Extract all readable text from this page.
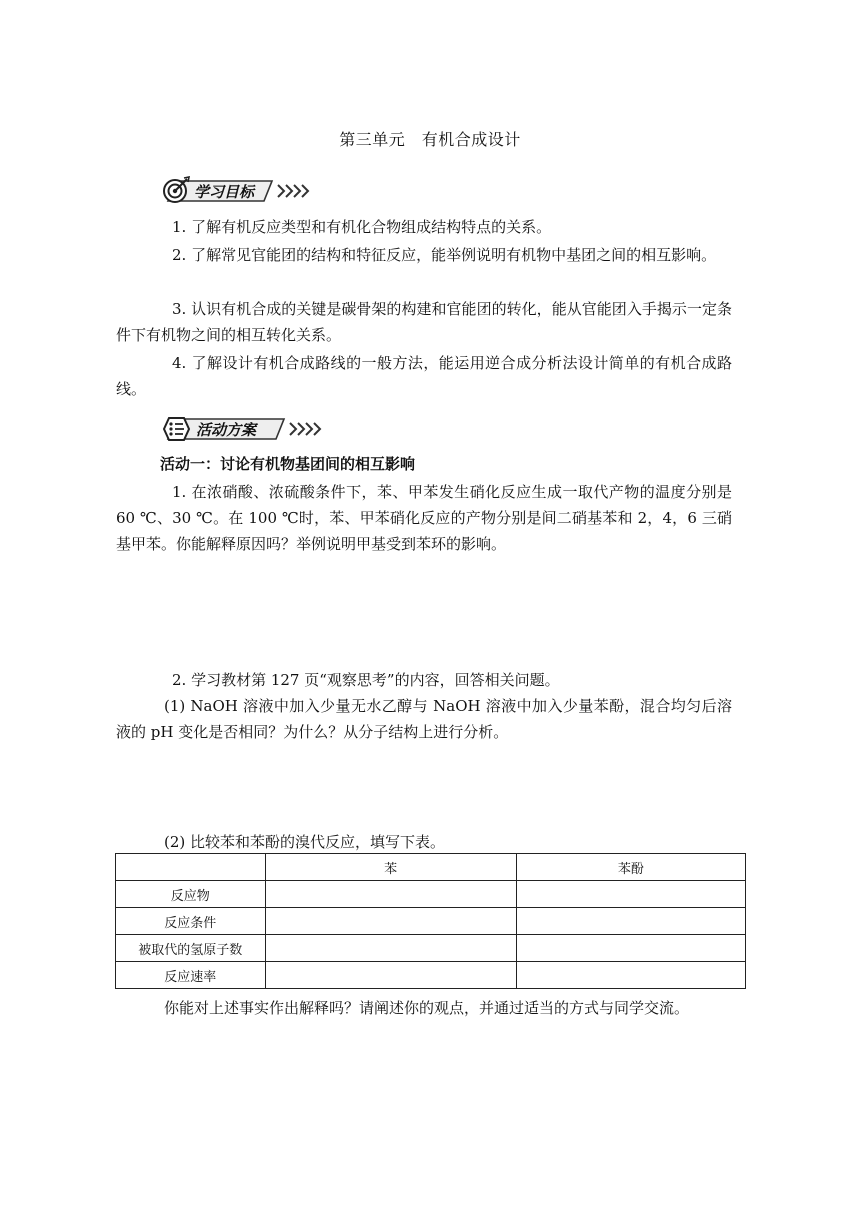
第三单元　有机合成设计
学习目标

1. 了解有机反应类型和有机化合物组成结构特点的关系。

2. 了解常见官能团的结构和特征反应，能举例说明有机物中基团之间的相互影响。

3. 认识有机合成的关键是碳骨架的构建和官能团的转化，能从官能团入手揭示一定条件下有机物之间的相互转化关系。

4. 了解设计有机合成路线的一般方法，能运用逆合成分析法设计简单的有机合成路线。

活动方案

活动一：讨论有机物基团间的相互影响

1. 在浓硝酸、浓硫酸条件下，苯、甲苯发生硝化反应生成一取代产物的温度分别是 60 ℃、30 ℃。在 100 ℃时，苯、甲苯硝化反应的产物分别是间二硝基苯和 2，4，6 三硝基甲苯。你能解释原因吗？举例说明甲基受到苯环的影响。

2. 学习教材第 127 页“观察思考”的内容，回答相关问题。

(1) NaOH 溶液中加入少量无水乙醇与 NaOH 溶液中加入少量苯酚，混合均匀后溶液的 pH 变化是否相同？为什么？从分子结构上进行分析。

(2) 比较苯和苯酚的溴代反应，填写下表。

	苯	苯酚
反应物		
反应条件		
被取代的氢原子数		
反应速率		

你能对上述事实作出解释吗？请阐述你的观点，并通过适当的方式与同学交流。
